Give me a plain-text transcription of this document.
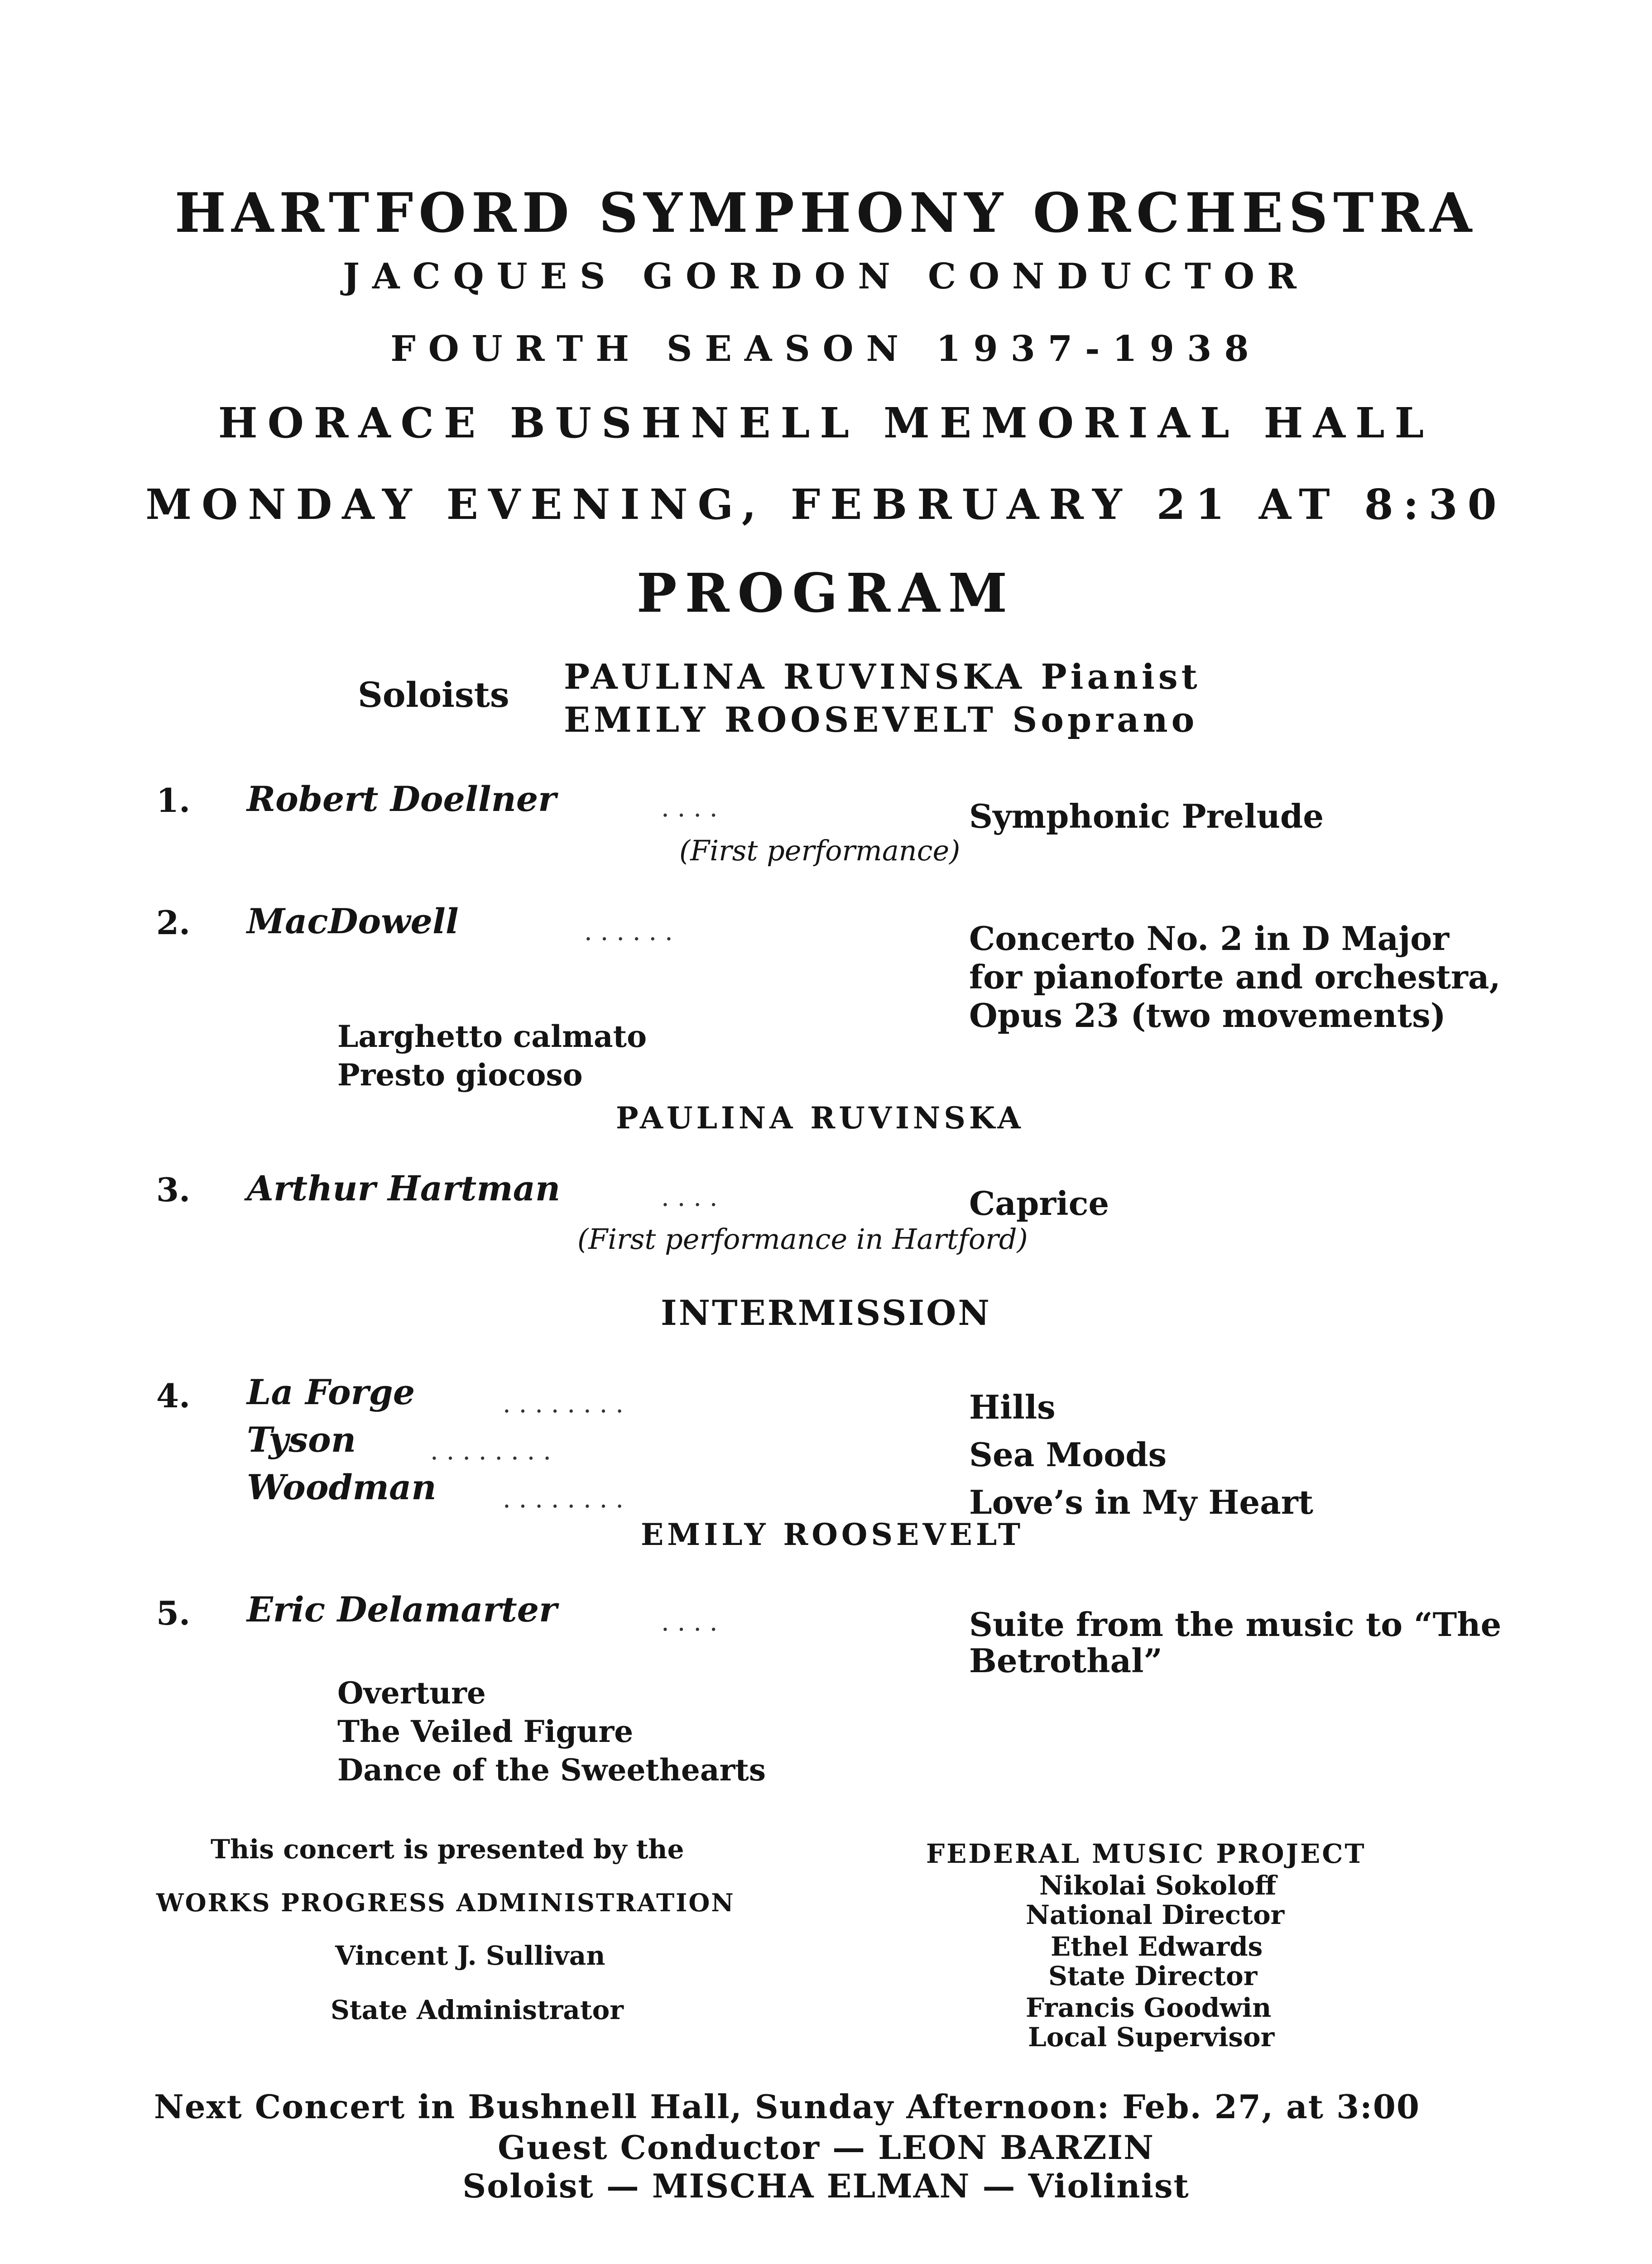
HARTFORD SYMPHONY ORCHESTRA
JACQUES GORDON CONDUCTOR
FOURTH SEASON 1937-1938
HORACE BUSHNELL MEMORIAL HALL
MONDAY EVENING, FEBRUARY 21 AT 8:30
PROGRAM
Soloists PAULINA RUVINSKA Pianist
EMILY ROOSEVELT Soprano
1. Robert Doellner	. . . .	Symphonic Prelude
(First performance)
2. MacDowell	. . . . . .	Concerto No. 2 in D Major
for pianoforte and orchestra,
Opus 23 (two movements)
Larghetto calmato
Presto giocoso
PAULINA RUVINSKA
3. Arthur Hartman	. . . .	Caprice
(First performance in Hartford)
INTERMISSION
4. La Forge	. . . . . . . .	Hills
Tyson	. . . . . . . .	Sea Moods
Woodman	. . . . . . . .	Love’s in My Heart
EMILY ROOSEVELT
5. Eric Delamarter	. . . .	Suite from the music to “The
Betrothal”
Overture
The Veiled Figure
Dance of the Sweethearts
This concert is presented by the
WORKS PROGRESS ADMINISTRATION
Vincent J. Sullivan
State Administrator
FEDERAL MUSIC PROJECT
Nikolai Sokoloff
National Director
Ethel Edwards
State Director
Francis Goodwin
Local Supervisor
Next Concert in Bushnell Hall, Sunday Afternoon: Feb. 27, at 3:00
Guest Conductor — LEON BARZIN
Soloist — MISCHA ELMAN — Violinist
